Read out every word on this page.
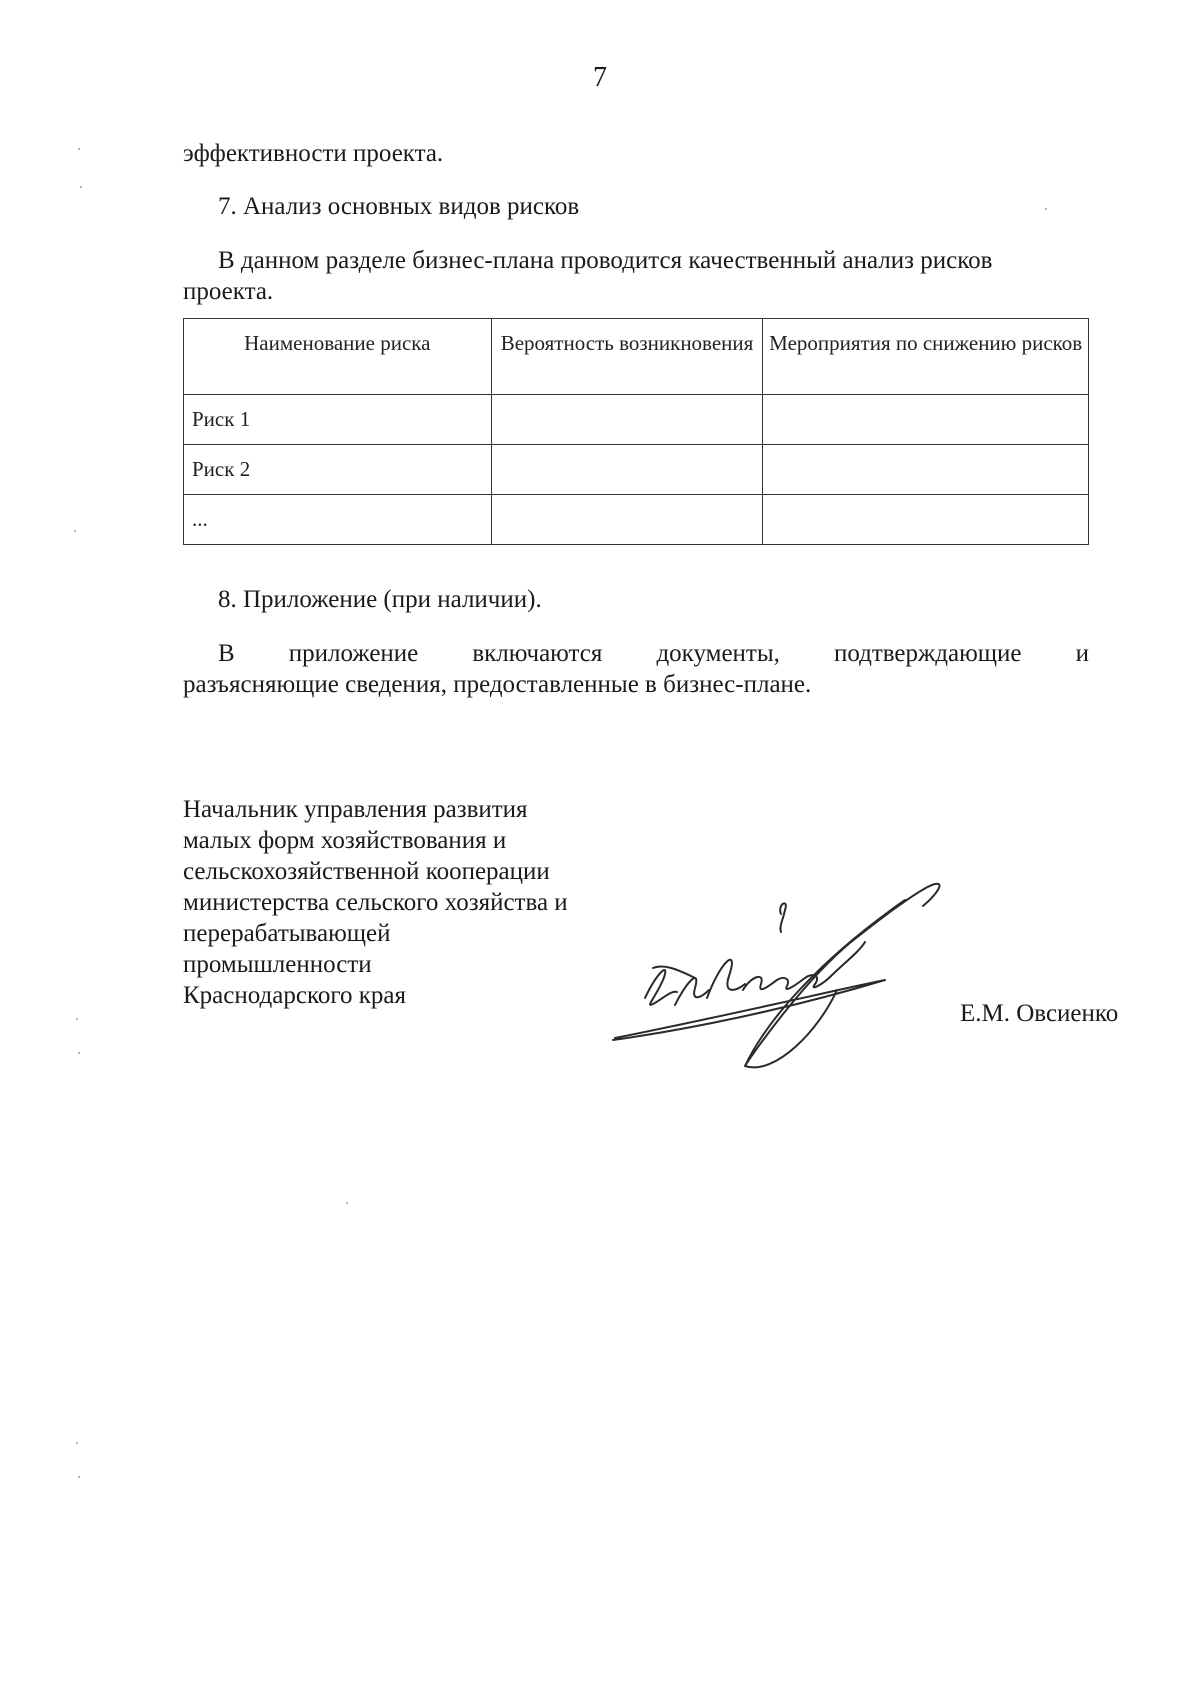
7
эффективности проекта.
7. Анализ основных видов рисков
В данном разделе бизнес-плана проводится качественный анализ рисков
проекта.
Наименование риска	Вероятность возникновения	Мероприятия по снижению рисков
Риск 1		
Риск 2		
...		
8. Приложение (при наличии).
В приложение включаются документы, подтверждающие и
разъясняющие сведения, предоставленные в бизнес-плане.
Начальник управления развития
малых форм хозяйствования и
сельскохозяйственной кооперации
министерства сельского хозяйства и
перерабатывающей
промышленности
Краснодарского края
Е.М. Овсиенко
